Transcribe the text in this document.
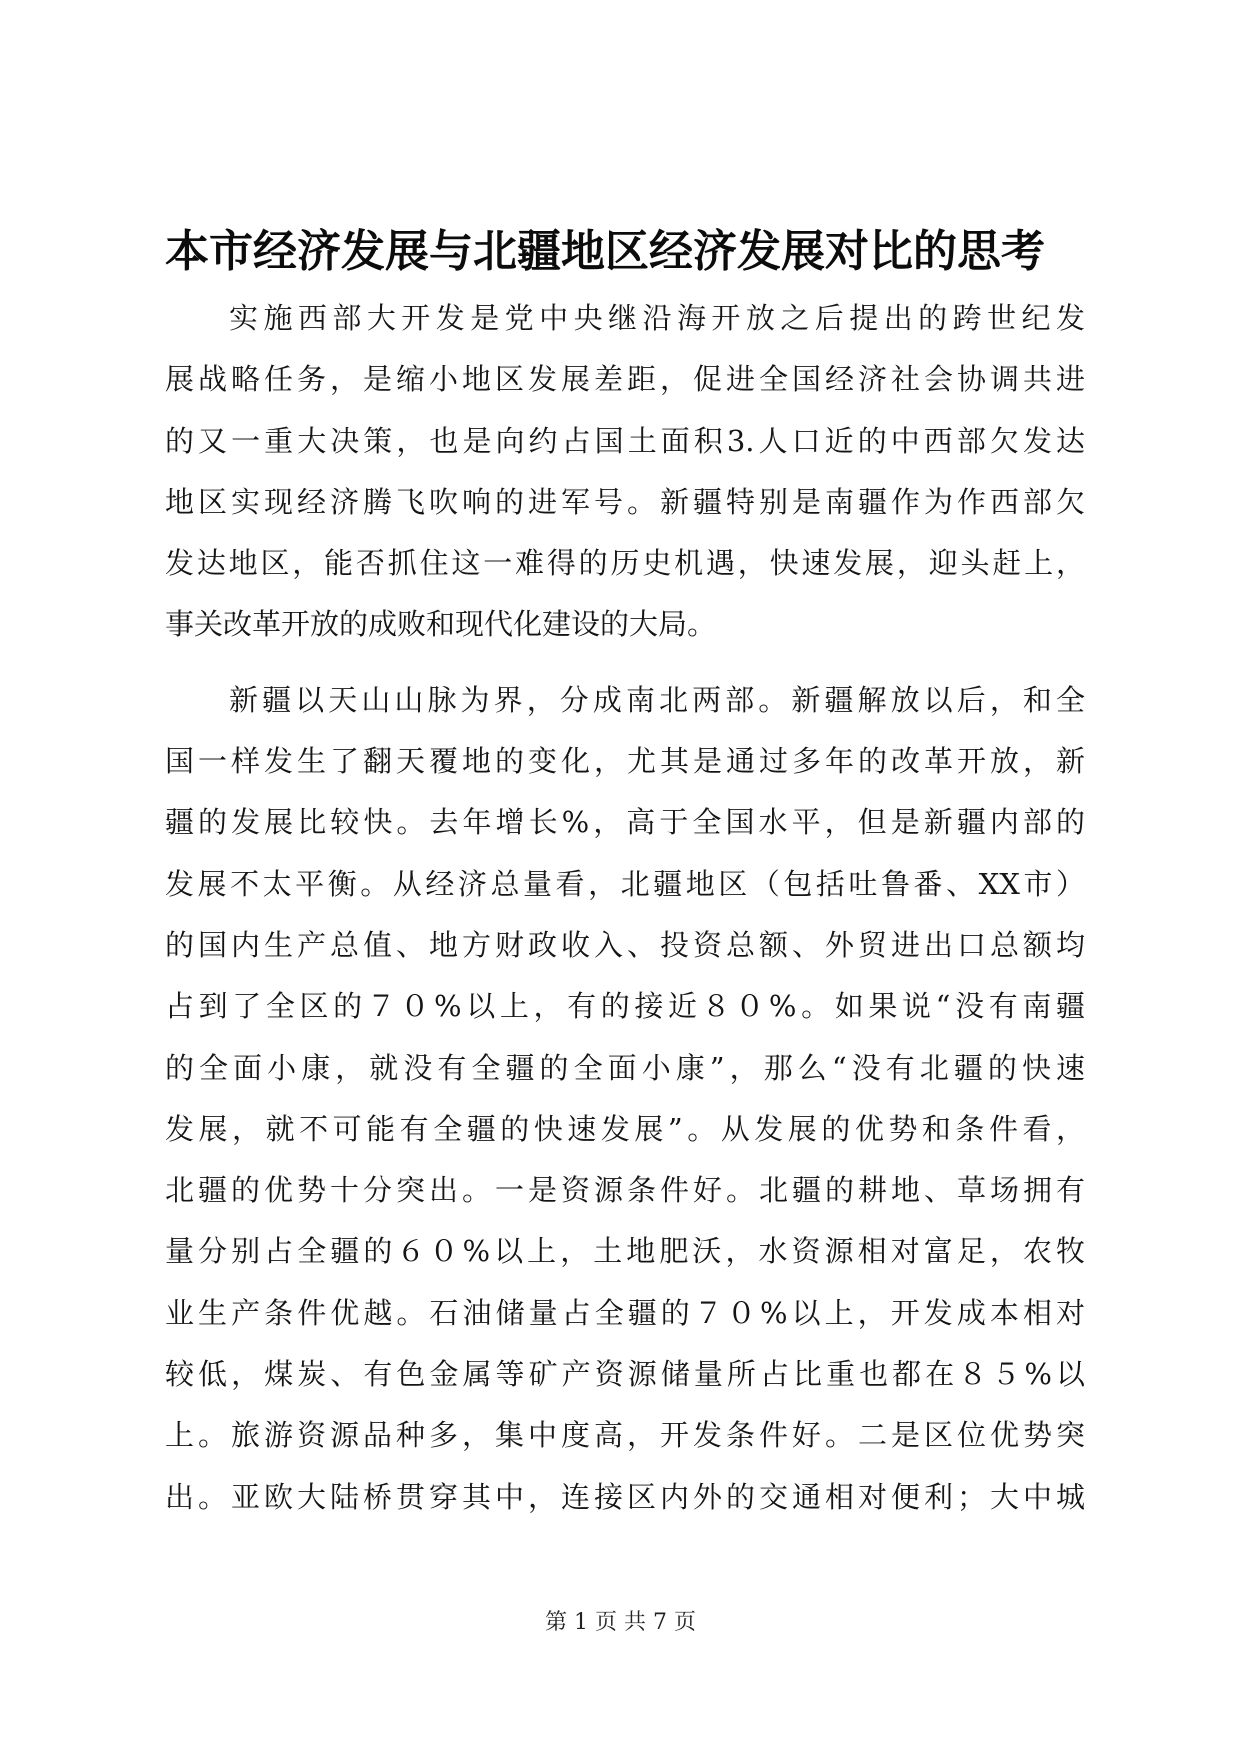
本市经济发展与北疆地区经济发展对比的思考
实施西部大开发是党中央继沿海开放之后提出的跨世纪发
展战略任务，是缩小地区发展差距，促进全国经济社会协调共进
的又一重大决策，也是向约占国土面积3.人口近的中西部欠发达
地区实现经济腾飞吹响的进军号。新疆特别是南疆作为作西部欠
发达地区，能否抓住这一难得的历史机遇，快速发展，迎头赶上，
事关改革开放的成败和现代化建设的大局。
新疆以天山山脉为界，分成南北两部。新疆解放以后，和全
国一样发生了翻天覆地的变化，尤其是通过多年的改革开放，新
疆的发展比较快。去年增长%，高于全国水平，但是新疆内部的
发展不太平衡。从经济总量看，北疆地区（包括吐鲁番、XX市）
的国内生产总值、地方财政收入、投资总额、外贸进出口总额均
占到了全区的７０%以上，有的接近８０%。如果说“没有南疆
的全面小康，就没有全疆的全面小康”，那么“没有北疆的快速
发展，就不可能有全疆的快速发展”。从发展的优势和条件看，
北疆的优势十分突出。一是资源条件好。北疆的耕地、草场拥有
量分别占全疆的６０%以上，土地肥沃，水资源相对富足，农牧
业生产条件优越。石油储量占全疆的７０%以上，开发成本相对
较低，煤炭、有色金属等矿产资源储量所占比重也都在８５%以
上。旅游资源品种多，集中度高，开发条件好。二是区位优势突
出。亚欧大陆桥贯穿其中，连接区内外的交通相对便利；大中城
第 1 页 共 7 页
